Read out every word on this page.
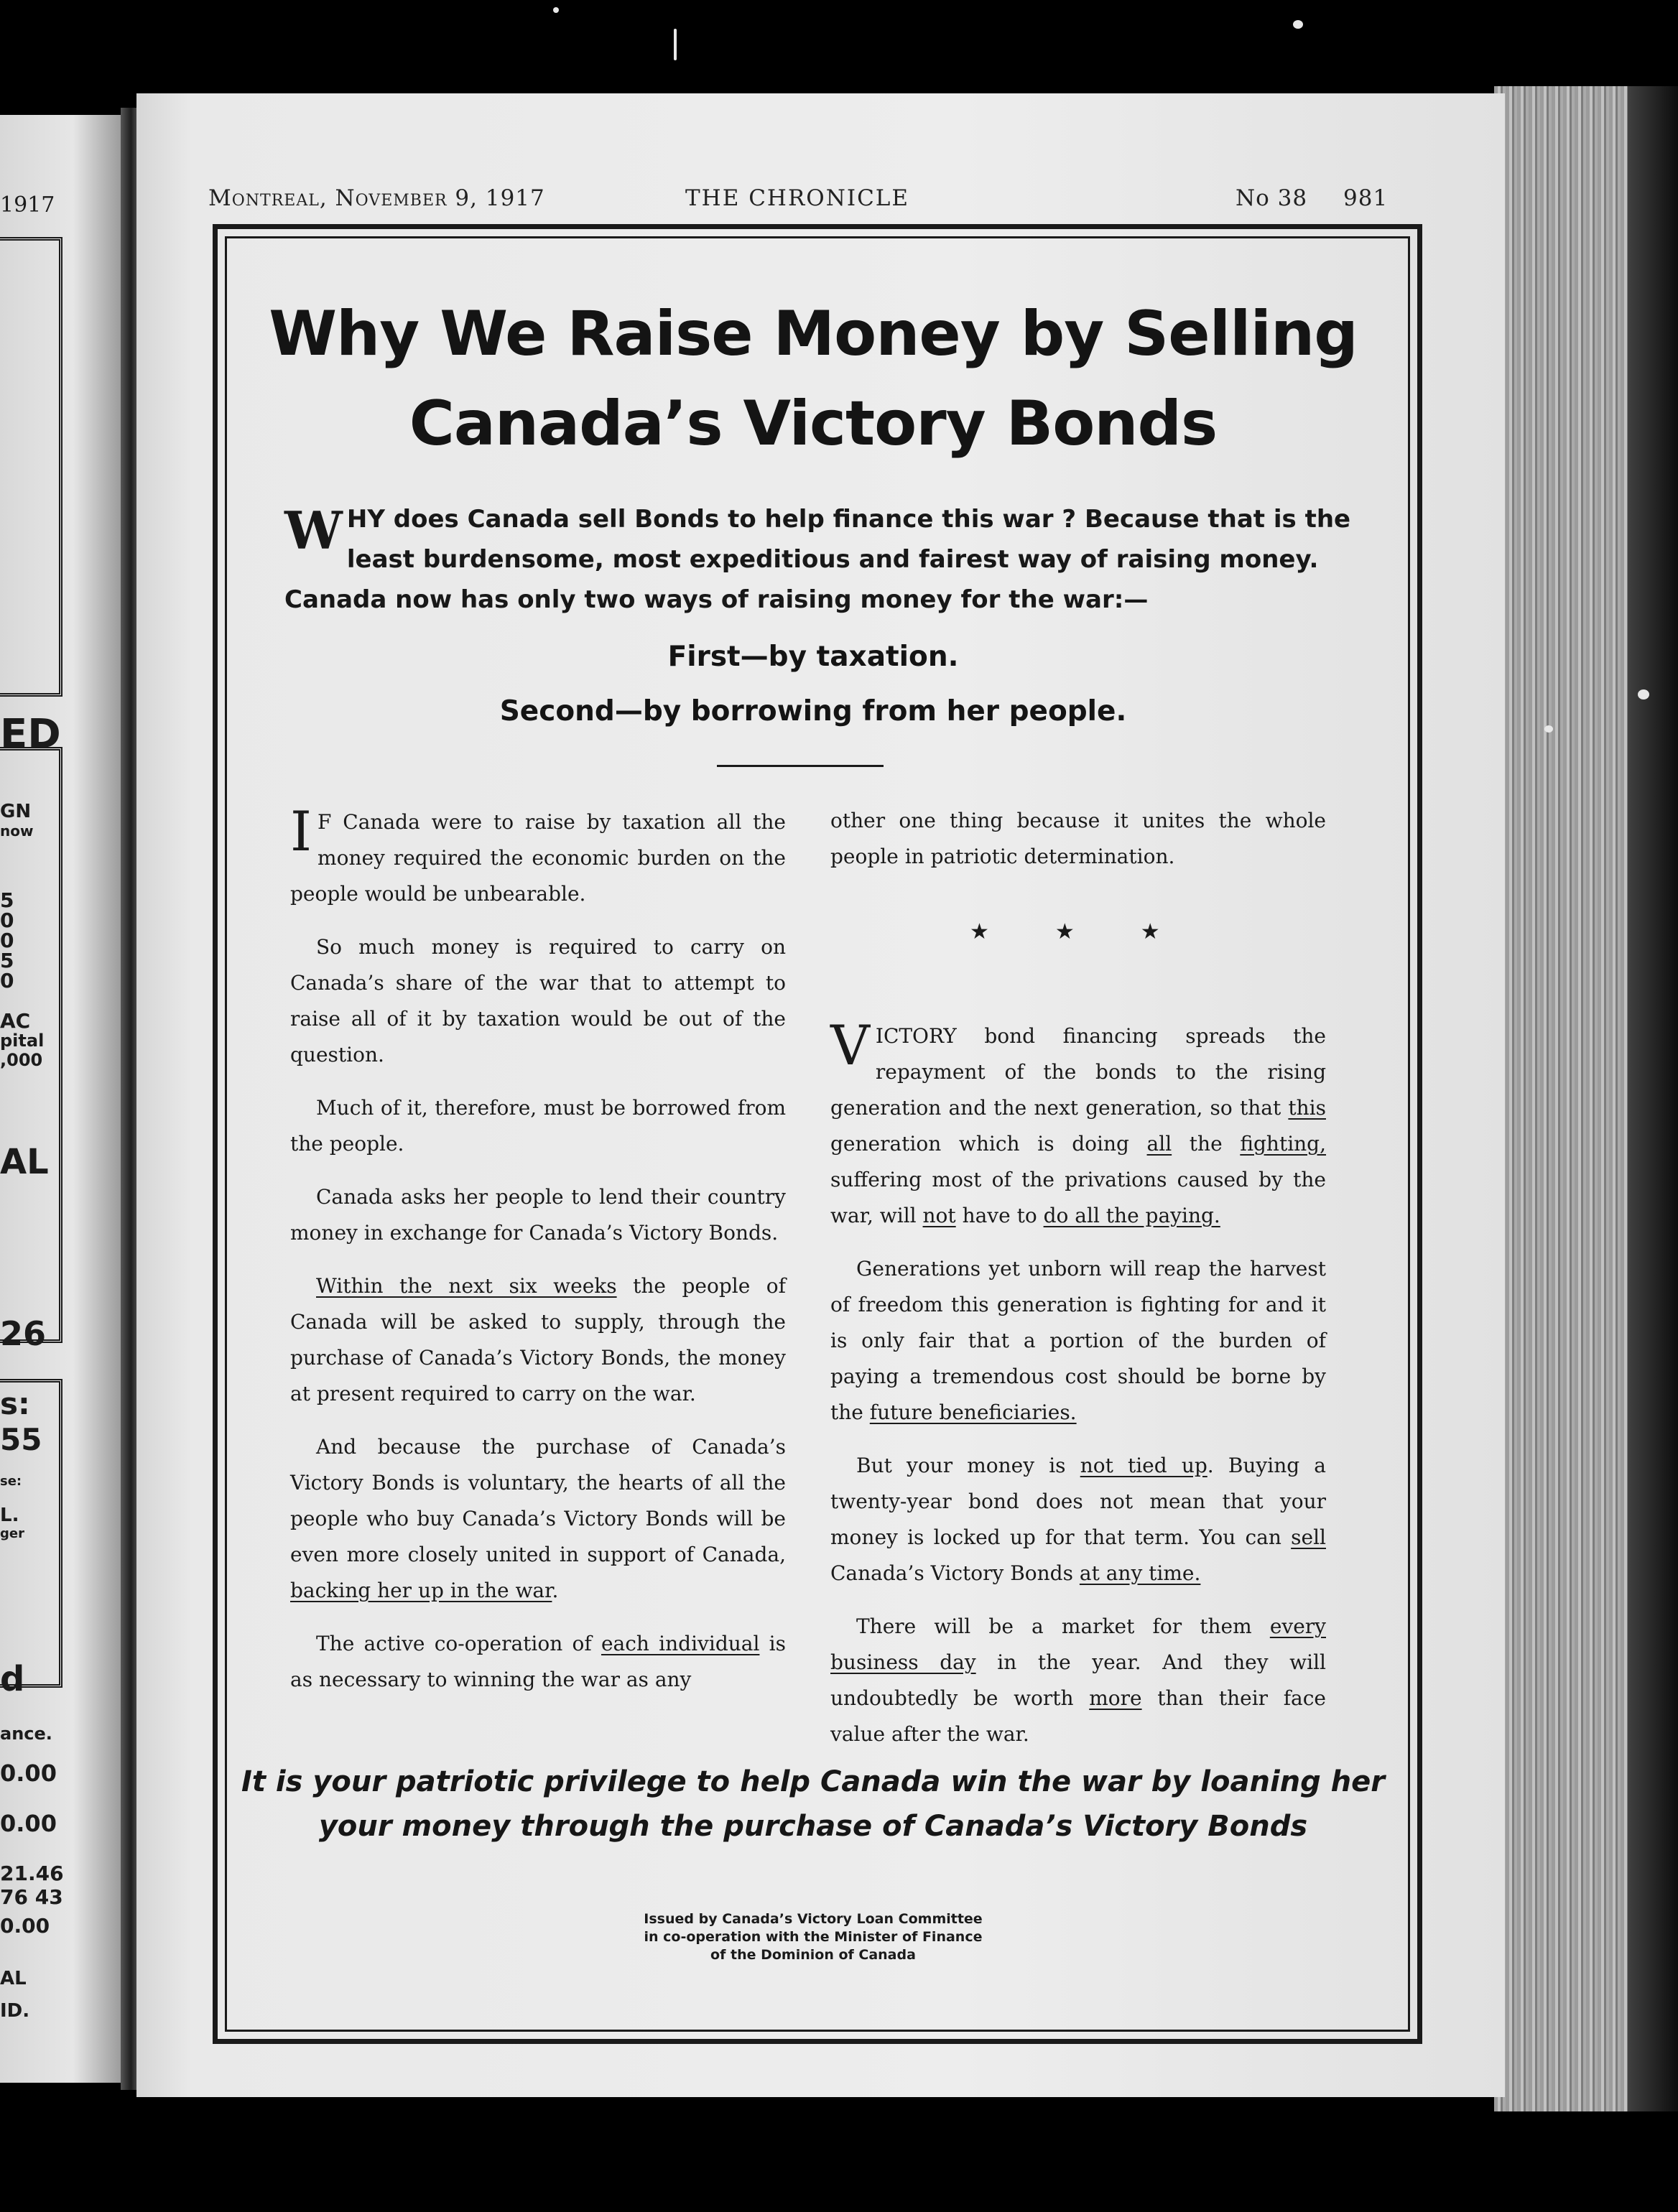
1917
ED
GN
now
5
0
0
5
0
AC
pital
,000
AL
26
s:
55
se:
L.
ger
d
ance.
0.00
0.00
21.46
76 43
0.00
AL
ID.
Montreal, November 9, 1917	THE CHRONICLE	No 38 981
Why We Raise Money by Selling
Canada’s Victory Bonds
WHY does Canada sell Bonds to help finance this war ? Because that is the least burdensome, most expeditious and fairest way of raising money. Canada now has only two ways of raising money for the war:—
First—by taxation.
Second—by borrowing from her people.

I F Canada were to raise by taxation all the money required the economic burden on the people would be unbearable.

So much money is required to carry on Canada’s share of the war that to attempt to raise all of it by taxation would be out of the question.

Much of it, therefore, must be borrowed from the people.

Canada asks her people to lend their country money in exchange for Canada’s Victory Bonds.

Within the next six weeks the people of Canada will be asked to supply, through the purchase of Canada’s Victory Bonds, the money at present required to carry on the war.

And because the purchase of Canada’s Victory Bonds is voluntary, the hearts of all the people who buy Canada’s Victory Bonds will be even more closely united in support of Canada, backing her up in the war.

The active co-operation of each individual is as necessary to winning the war as any

other one thing because it unites the whole people in patriotic determination.

VICTORY bond financing spreads the repayment of the bonds to the rising generation and the next generation, so that this generation which is doing all the fighting, suffering most of the privations caused by the war, will not have to do all the paying.

Generations yet unborn will reap the harvest of freedom this generation is fighting for and it is only fair that a portion of the burden of paying a tremendous cost should be borne by the future beneficiaries.

But your money is not tied up. Buying a twenty-year bond does not mean that your money is locked up for that term. You can sell Canada’s Victory Bonds at any time.

There will be a market for them every business day in the year. And they will undoubtedly be worth more than their face value after the war.

★★★
It is your patriotic privilege to help Canada win the war by loaning her
your money through the purchase of Canada’s Victory Bonds
Issued by Canada’s Victory Loan Committee
in co-operation with the Minister of Finance
of the Dominion of Canada
